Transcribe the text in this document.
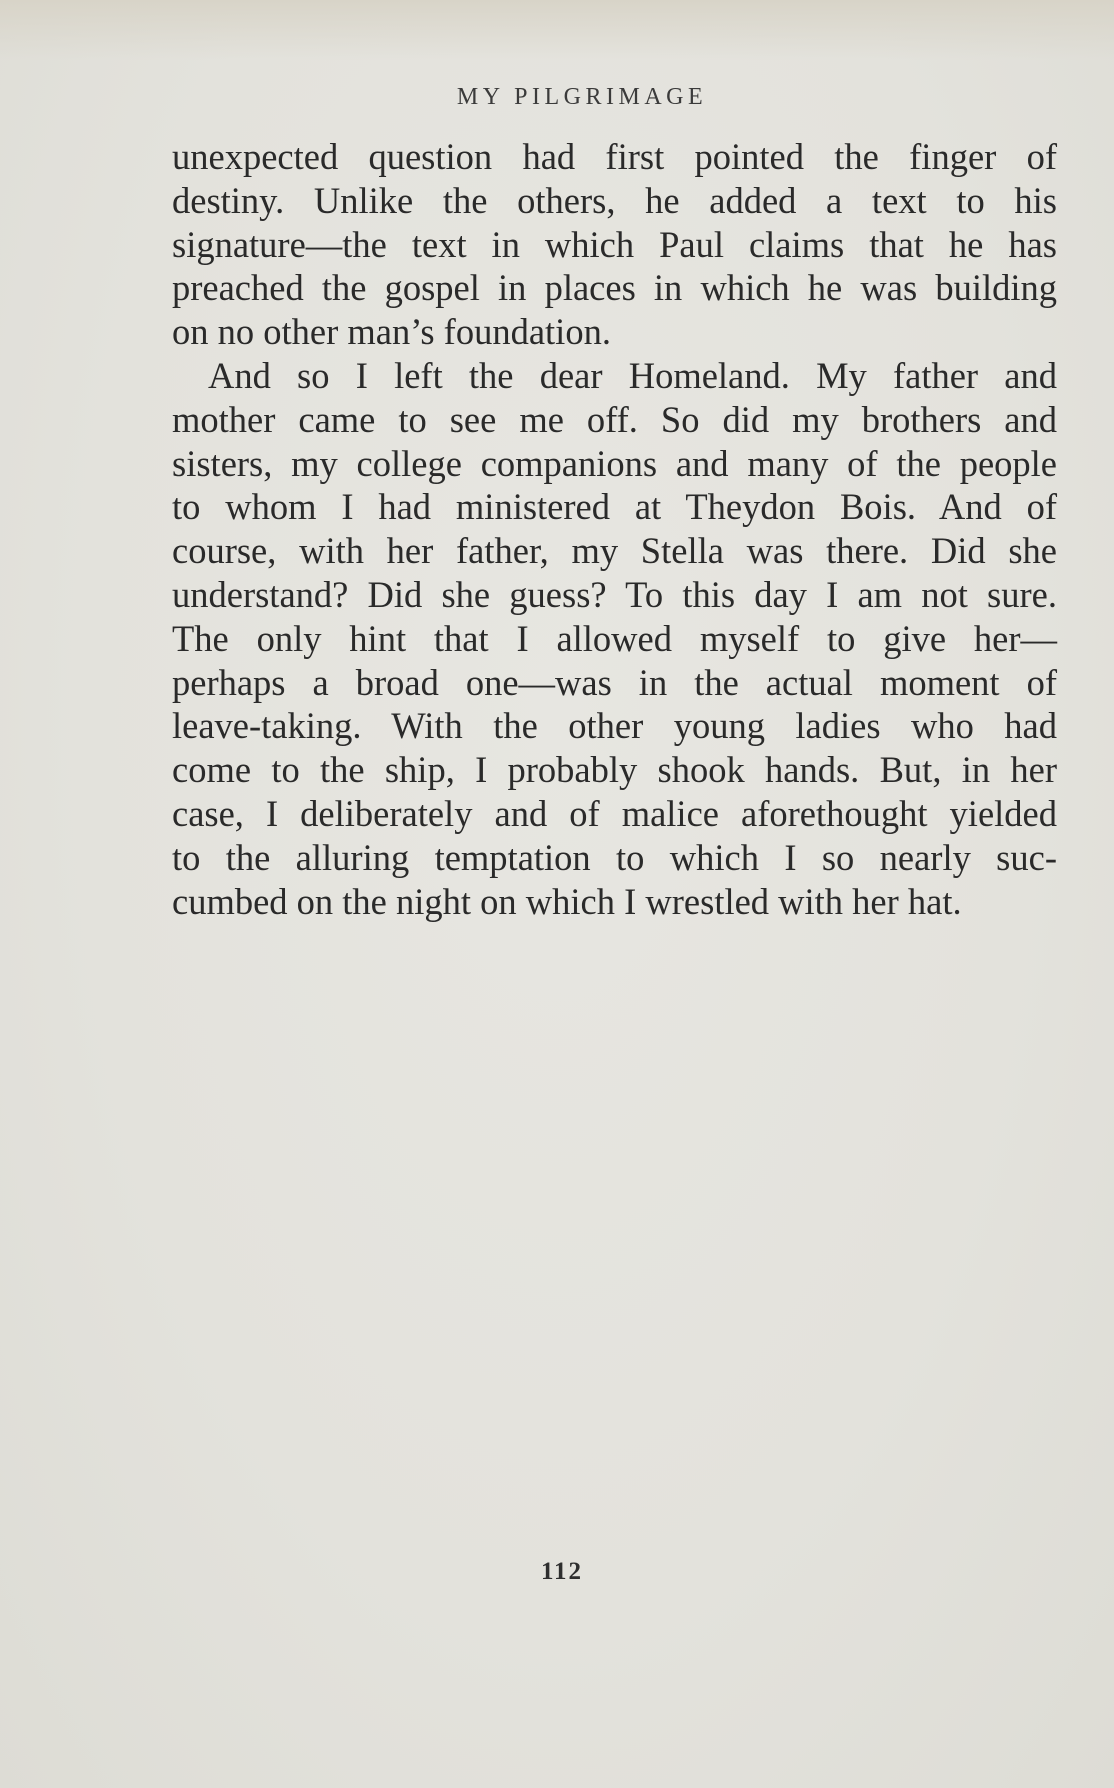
MY PILGRIMAGE
unexpected question had first pointed the finger of
destiny. Unlike the others, he added a text to his
signature—the text in which Paul claims that he has
preached the gospel in places in which he was building
on no other man’s foundation.
And so I left the dear Homeland. My father and
mother came to see me off. So did my brothers and
sisters, my college companions and many of the people
to whom I had ministered at Theydon Bois. And of
course, with her father, my Stella was there. Did she
understand? Did she guess? To this day I am not sure.
The only hint that I allowed myself to give her—
perhaps a broad one—was in the actual moment of
leave-taking. With the other young ladies who had
come to the ship, I probably shook hands. But, in her
case, I deliberately and of malice aforethought yielded
to the alluring temptation to which I so nearly suc-
cumbed on the night on which I wrestled with her hat.
112
